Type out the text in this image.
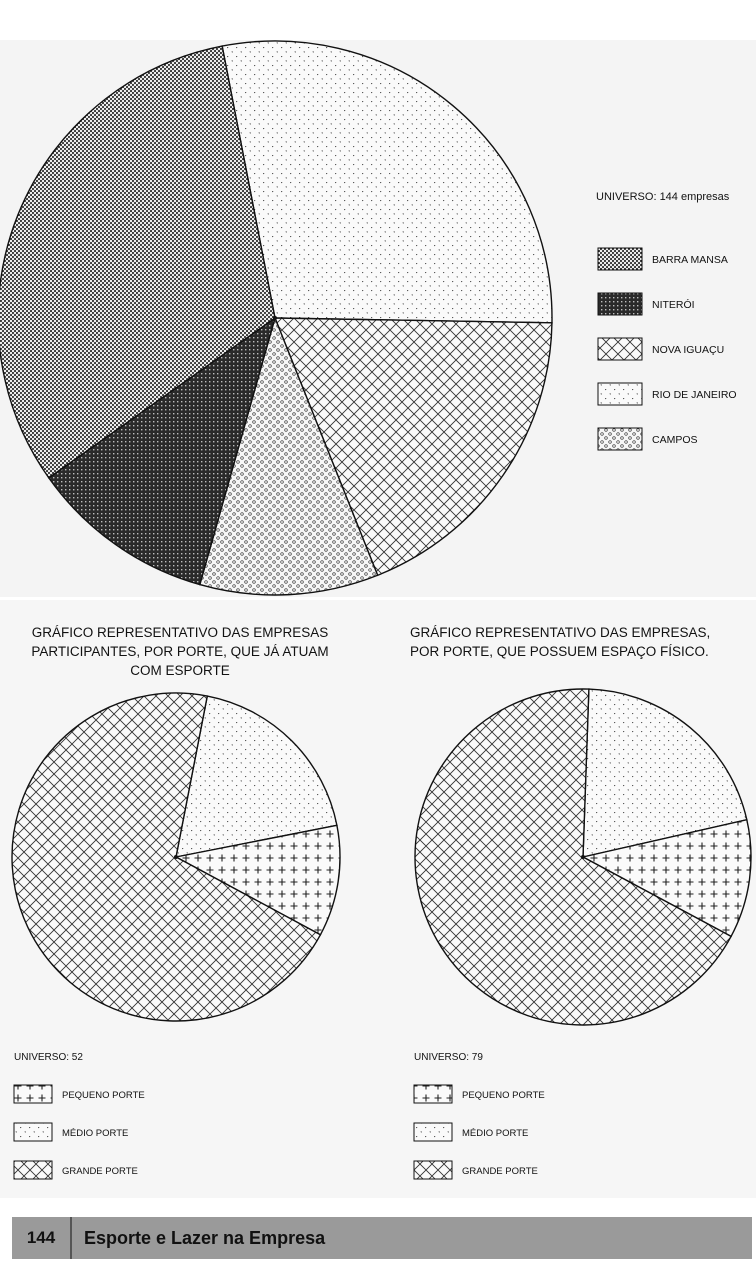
UNIVERSO: 144 empresas
BARRA MANSA
NITERÓI
NOVA IGUAÇU
RIO DE JANEIRO
CAMPOS
GRÁFICO REPRESENTATIVO DAS EMPRESAS
PARTICIPANTES, POR PORTE, QUE JÁ ATUAM
COM ESPORTE
UNIVERSO: 52
PEQUENO PORTE
MÉDIO PORTE
GRANDE PORTE
GRÁFICO REPRESENTATIVO DAS EMPRESAS,
POR PORTE, QUE POSSUEM ESPAÇO FÍSICO.
UNIVERSO: 79
PEQUENO PORTE
MÉDIO PORTE
GRANDE PORTE
144	Esporte e Lazer na Empresa
